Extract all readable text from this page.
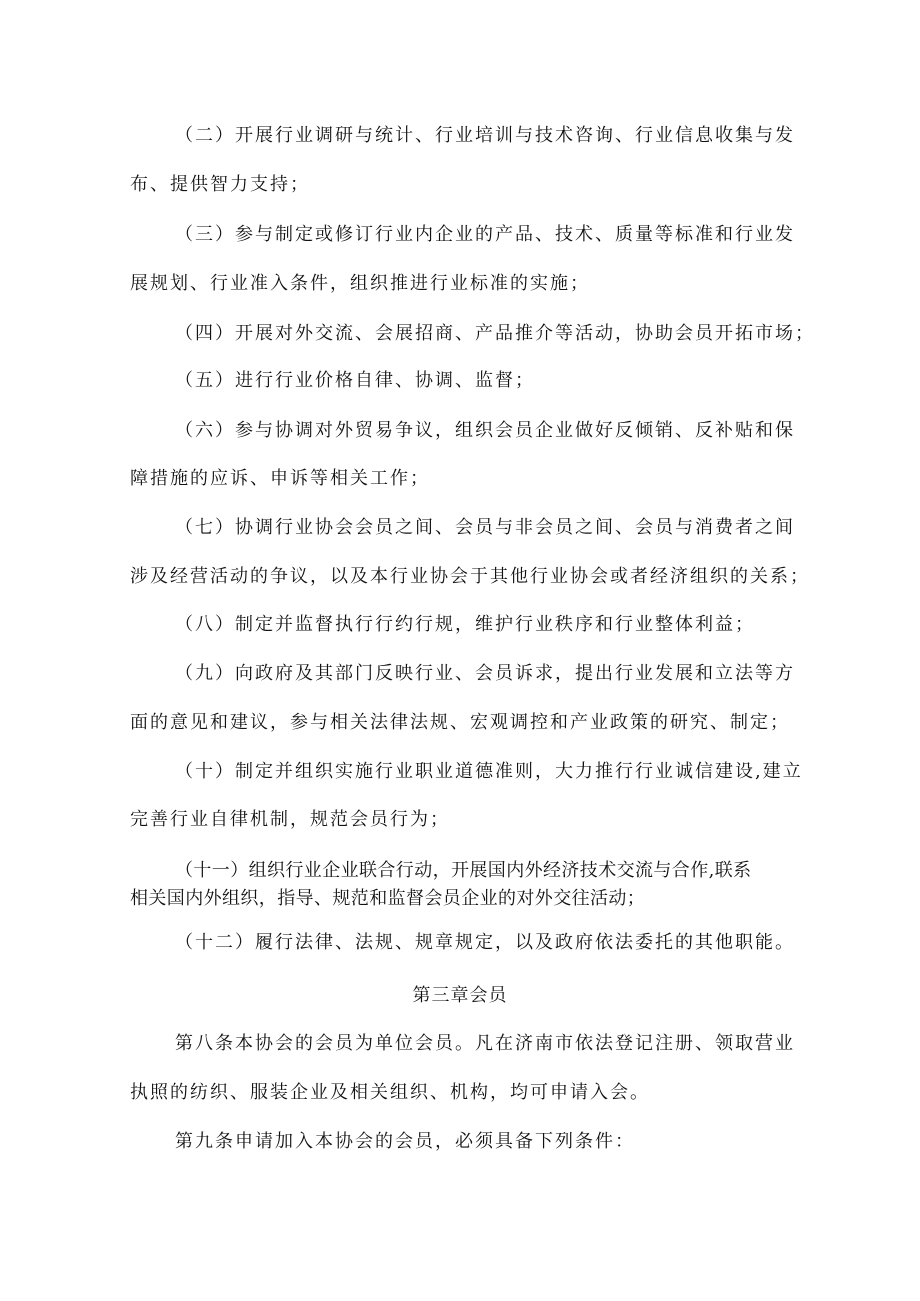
（二）开展行业调研与统计、行业培训与技术咨询、行业信息收集与发
布、提供智力支持；
（三）参与制定或修订行业内企业的产品、技术、质量等标准和行业发
展规划、行业准入条件，组织推进行业标准的实施；
（四）开展对外交流、会展招商、产品推介等活动，协助会员开拓市场；
（五）进行行业价格自律、协调、监督；
（六）参与协调对外贸易争议，组织会员企业做好反倾销、反补贴和保
障措施的应诉、申诉等相关工作；
（七）协调行业协会会员之间、会员与非会员之间、会员与消费者之间
涉及经营活动的争议，以及本行业协会于其他行业协会或者经济组织的关系；
（八）制定并监督执行行约行规，维护行业秩序和行业整体利益；
（九）向政府及其部门反映行业、会员诉求，提出行业发展和立法等方
面的意见和建议，参与相关法律法规、宏观调控和产业政策的研究、制定；
（十）制定并组织实施行业职业道德准则，大力推行行业诚信建设,建立
完善行业自律机制，规范会员行为；
（十一）组织行业企业联合行动，开展国内外经济技术交流与合作,联系
相关国内外组织，指导、规范和监督会员企业的对外交往活动；
（十二）履行法律、法规、规章规定，以及政府依法委托的其他职能。
第三章会员
第八条本协会的会员为单位会员。凡在济南市依法登记注册、领取营业
执照的纺织、服装企业及相关组织、机构，均可申请入会。
第九条申请加入本协会的会员，必须具备下列条件：
